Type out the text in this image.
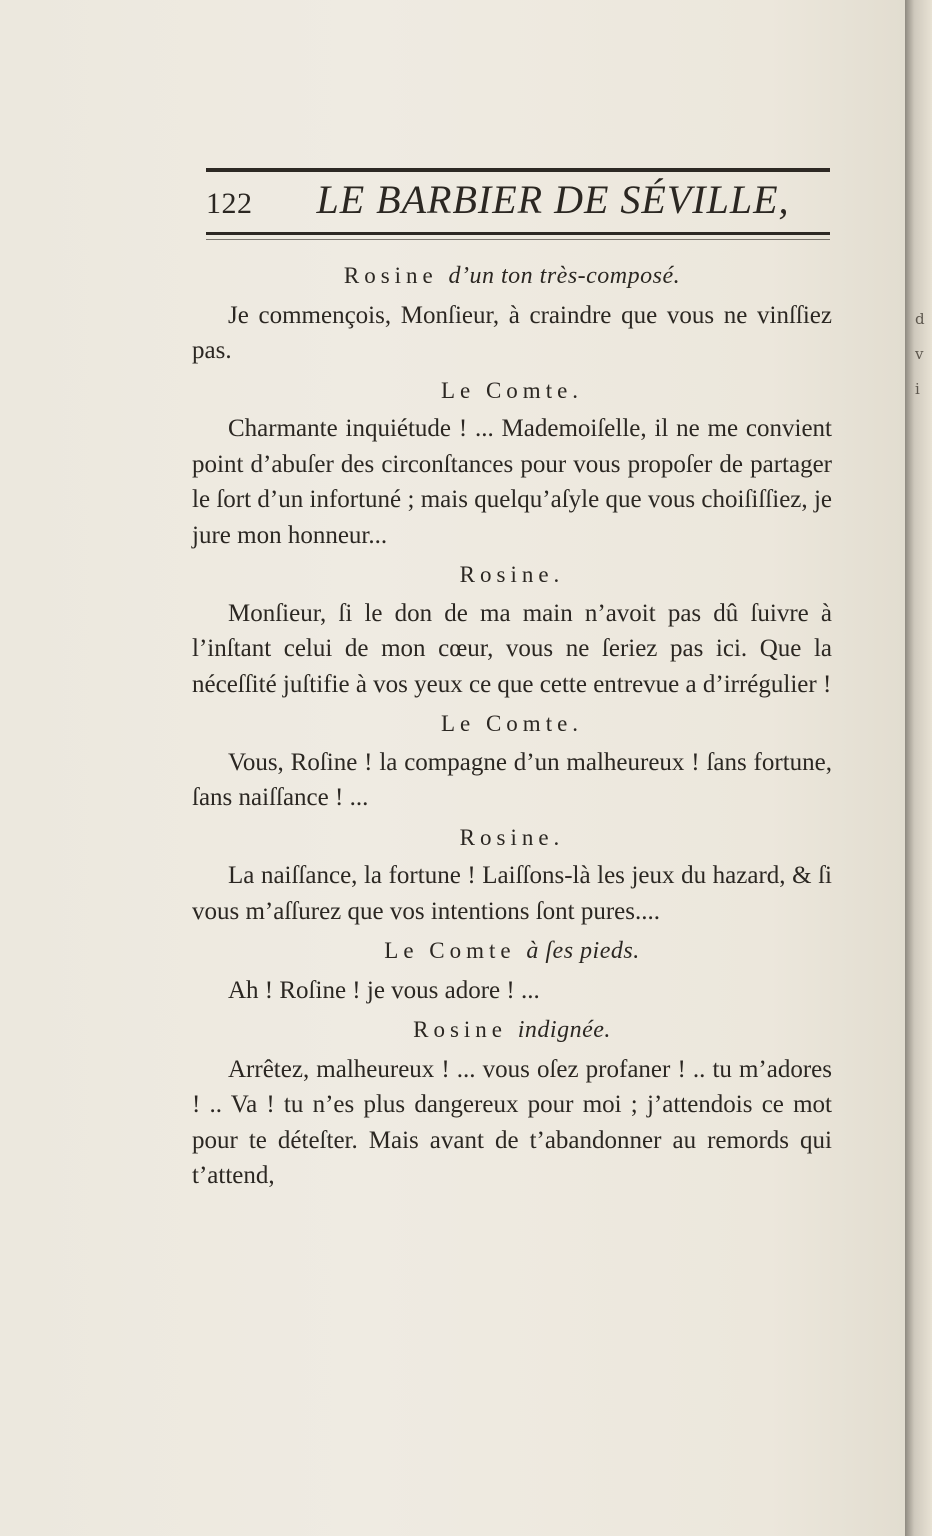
122	LE BARBIER DE SÉVILLE,
Rosine d’un ton très-composé.

Je commençois, Monſieur, à craindre que vous ne vinſſiez pas.

Le Comte.

Charmante inquiétude ! ... Mademoiſelle, il ne me convient point d’abuſer des circonſtances pour vous propoſer de partager le ſort d’un infortuné ; mais quelqu’aſyle que vous choiſiſſiez, je jure mon honneur...

Rosine.

Monſieur, ſi le don de ma main n’avoit pas dû ſuivre à l’inſtant celui de mon cœur, vous ne ſeriez pas ici. Que la néceſſité juſtifie à vos yeux ce que cette entrevue a d’irrégulier !

Le Comte.

Vous, Roſine ! la compagne d’un malheureux ! ſans fortune, ſans naiſſance ! ...

Rosine.

La naiſſance, la fortune ! Laiſſons-là les jeux du hazard, & ſi vous m’aſſurez que vos intentions ſont pures....

Le Comte à ſes pieds.

Ah ! Roſine ! je vous adore ! ...

Rosine indignée.

Arrêtez, malheureux ! ... vous oſez profaner ! .. tu m’adores ! .. Va ! tu n’es plus dangereux pour moi ; j’attendois ce mot pour te déteſter. Mais avant de t’abandonner au remords qui t’attend,

d
v
i
